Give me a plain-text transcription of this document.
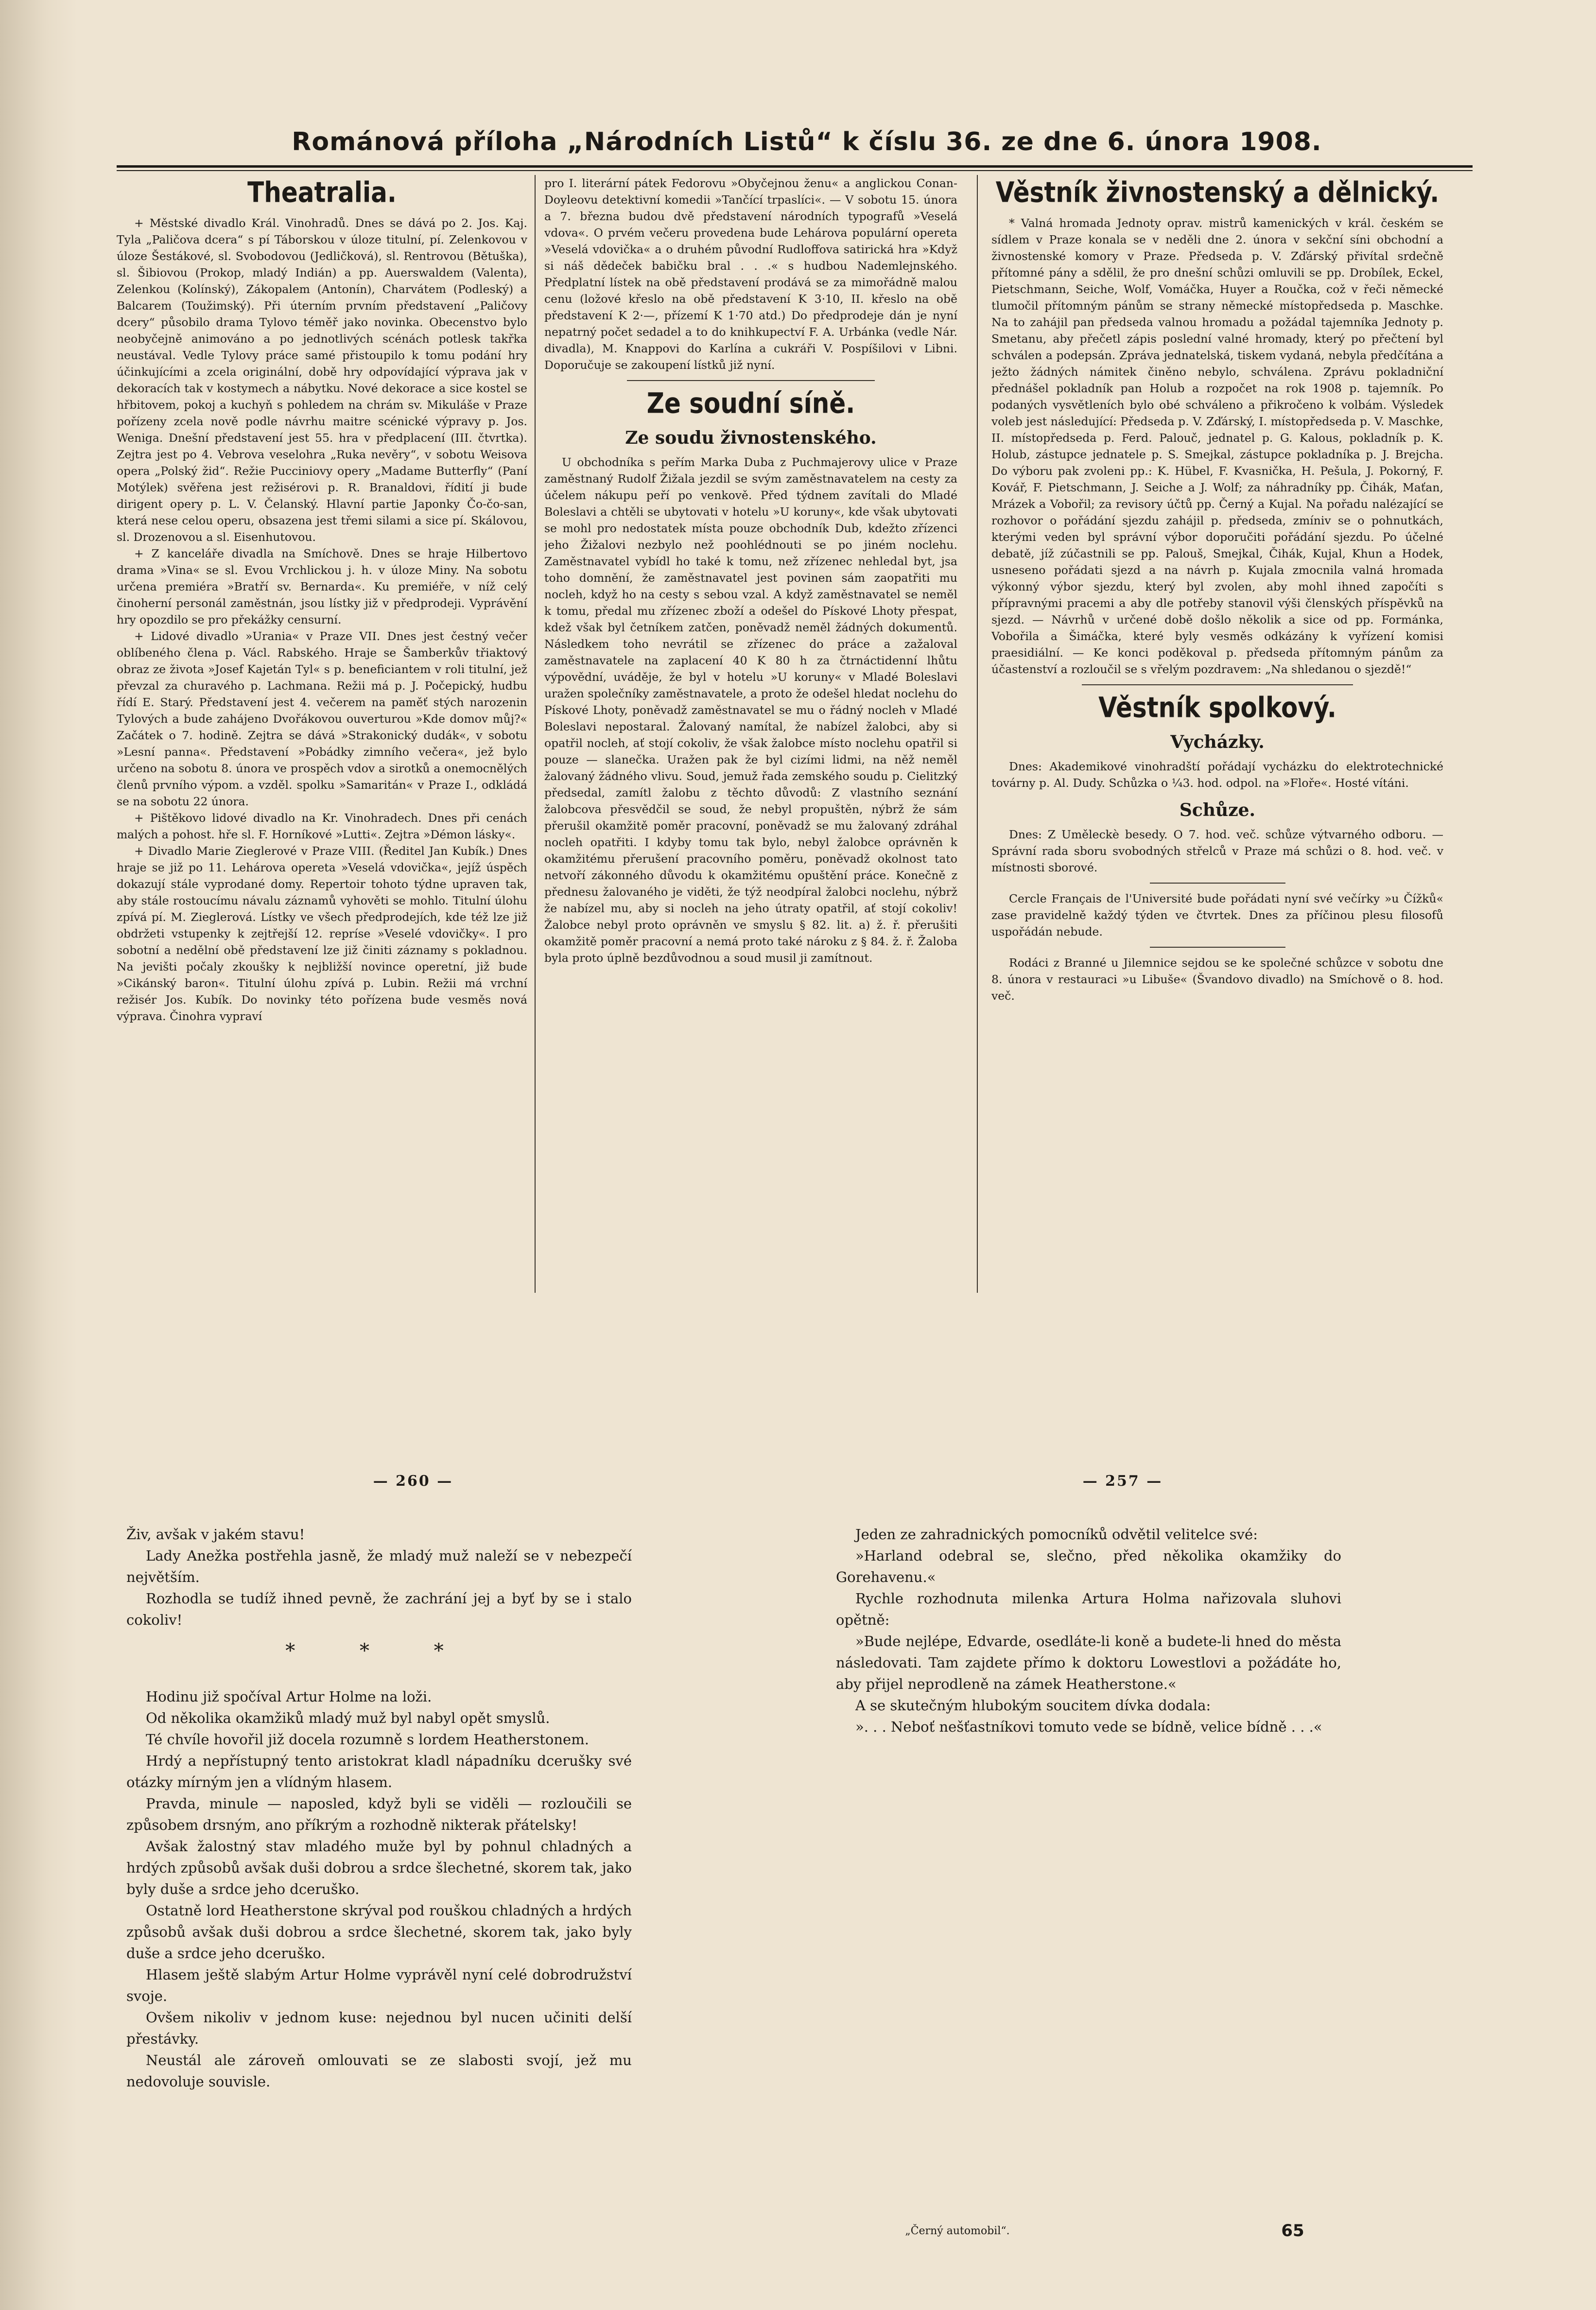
Románová příloha „Národních Listů“ k číslu 36. ze dne 6. února 1908.
Theatralia.

+ Městské divadlo Král. Vinohradů. Dnes se dává po 2. Jos. Kaj. Tyla „Paličova dcera“ s pí Táborskou v úloze titulní, pí. Zelenkovou v úloze Šestákové, sl. Svobodovou (Jedličková), sl. Rentrovou (Bětuška), sl. Šibiovou (Prokop, mladý Indián) a pp. Auerswaldem (Valenta), Zelenkou (Kolínský), Zákopalem (Antonín), Charvátem (Podleský) a Balcarem (Toužimský). Při úterním prvním představení „Paličovy dcery“ působilo drama Tylovo téměř jako novinka. Obecenstvo bylo neobyčejně animováno a po jednotlivých scénách potlesk takřka neustával. Vedle Tylovy práce samé přistoupilo k tomu podání hry účinkujícími a zcela originální, době hry odpovídající výprava jak v dekoracích tak v kostymech a nábytku. Nové dekorace a sice kostel se hřbitovem, pokoj a kuchyň s pohledem na chrám sv. Mikuláše v Praze pořízeny zcela nově podle návrhu maitre scénické výpravy p. Jos. Wenigа. Dnešní představení jest 55. hra v předplacení (III. čtvrtka). Zejtra jest po 4. Vebrova veselohra „Ruka nevěry“, v sobotu Weisova opera „Polský žid“. Režie Pucciniovy opery „Madame Butterfly“ (Paní Motýlek) svěřena jest režisérovi p. R. Branaldovi, řídití ji bude dirigent opery p. L. V. Čelanský. Hlavní partie Japonky Čo-čo-san, která nese celou operu, obsazena jest třemi silami a sice pí. Skálovou, sl. Drozenovou a sl. Eisenhutovou.

+ Z kanceláře divadla na Smíchově. Dnes se hraje Hilbertovo drama »Vina« se sl. Evou Vrchlickou j. h. v úloze Miny. Na sobotu určena premiéra »Bratří sv. Bernarda«. Ku premiéře, v níž celý činoherní personál zaměstnán, jsou lístky již v předprodeji. Vyprávění hry opozdilo se pro překážky censurní.

+ Lidové divadlo »Urania« v Praze VII. Dnes jest čestný večer oblíbeného člena p. Václ. Rabského. Hraje se Šamberkův třiaktový obraz ze života »Josef Kajetán Tyl« s p. beneficiantem v roli titulní, jež převzal za churavého p. Lachmana. Režii má p. J. Počepický, hudbu řídí E. Starý. Představení jest 4. večerem na paměť stých narozenin Tylových a bude zahájeno Dvořákovou ouverturou »Kde domov můj?« Začátek o 7. hodině. Zejtra se dává »Strakonický dudák«, v sobotu »Lesní panna«. Představení »Pobádky zimního večera«, jež bylo určeno na sobotu 8. února ve prospěch vdov a sirotků a onemocnělých členů prvního výpom. a vzděl. spolku »Samaritán« v Praze I., odkládá se na sobotu 22 února.

+ Pištěkovo lidové divadlo na Kr. Vinohradech. Dnes při cenách malých a pohost. hře sl. F. Horníkové »Lutti«. Zejtra »Démon lásky«.

+ Divadlo Marie Zieglerové v Praze VIII. (Ředitel Jan Kubík.) Dnes hraje se již po 11. Lehárova opereta »Veselá vdovička«, jejíž úspěch dokazují stále vyprodané domy. Repertoir tohoto týdne upraven tak, aby stále rostoucímu návalu záznamů vyhověti se mohlo. Titulní úlohu zpívá pí. M. Zieglerová. Lístky ve všech předprodejích, kde též lze již obdržeti vstupenky k zejtřejší 12. repríse »Veselé vdovičky«. I pro sobotní a nedělní obě představení lze již činiti záznamy s pokladnou. Na jevišti počaly zkoušky k nejbližší novince operetní, již bude »Cikánský baron«. Titulní úlohu zpívá p. Lubin. Režii má vrchní režisér Jos. Kubík. Do novinky této pořízena bude vesměs nová výprava. Činohra vypraví

pro I. literární pátek Fedorovu »Obyčejnou ženu« a anglickou Conan-Doyleovu detektivní komedii »Tančící trpaslíci«. — V sobotu 15. února a 7. března budou dvě představení národních typografů »Veselá vdova«. O prvém večeru provedena bude Lehárova populární opereta »Veselá vdovička« a o druhém původní Rudloffova satirická hra »Když si náš dědeček babičku bral . . .« s hudbou Nademlejnského. Předplatní lístek na obě představení prodává se za mimořádně malou cenu (ložové křeslo na obě představení K 3·10, II. křeslo na obě představení K 2·—, přízemí K 1·70 atd.) Do předprodeje dán je nyní nepatrný počet sedadel a to do knihkupectví F. A. Urbánka (vedle Nár. divadla), M. Knappovi do Karlína a cukráři V. Pospíšilovi v Libni. Doporučuje se zakoupení lístků již nyní.

Ze soudní síně.
Ze soudu živnostenského.

U obchodníka s peřím Marka Duba z Puchmajerovy ulice v Praze zaměstnaný Rudolf Žižala jezdil se svým zaměstnavatelem na cesty za účelem nákupu peří po venkově. Před týdnem zavítali do Mladé Boleslavi a chtěli se ubytovati v hotelu »U koruny«, kde však ubytovati se mohl pro nedostatek místa pouze obchodník Dub, kdežto zřízenci jeho Žižalovi nezbylo než poohlédnouti se po jiném noclehu. Zaměstnavatel vybídl ho také k tomu, než zřízenec nehledal byt, jsa toho domnění, že zaměstnavatel jest povinen sám zaopatřiti mu nocleh, když ho na cesty s sebou vzal. A když zaměstnavatel se neměl k tomu, předal mu zřízenec zboží a odešel do Pískové Lhoty přespat, kdež však byl četníkem zatčen, poněvadž neměl žádných dokumentů. Následkem toho nevrátil se zřízenec do práce a zažaloval zaměstnavatele na zaplacení 40 K 80 h za čtrnáctidenní lhůtu výpovědní, uváděje, že byl v hotelu »U koruny« v Mladé Boleslavi uražen společníky zaměstnavatele, a proto že odešel hledat noclehu do Pískové Lhoty, poněvadž zaměstnavatel se mu o řádný nocleh v Mladé Boleslavi nepostaral. Žalovaný namítal, že nabízel žalobci, aby si opatřil nocleh, ať stojí cokoliv, že však žalobce místo noclehu opatřil si pouze — slanečka. Uražen pak že byl cizími lidmi, na něž neměl žalovaný žádného vlivu. Soud, jemuž řada zemského soudu p. Cielitzký předsedal, zamítl žalobu z těchto důvodů: Z vlastního seznání žalobcova přesvědčil se soud, že nebyl propuštěn, nýbrž že sám přerušil okamžitě poměr pracovní, poněvadž se mu žalovaný zdráhal nocleh opatřiti. I kdyby tomu tak bylo, nebyl žalobce oprávněn k okamžitému přerušení pracovního poměru, poněvadž okolnost tato netvoří zákonného důvodu k okamžitému opuštění práce. Konečně z přednesu žalovaného je viděti, že týž neodpíral žalobci noclehu, nýbrž že nabízel mu, aby si nocleh na jeho útraty opatřil, ať stojí cokoliv! Žalobce nebyl proto oprávněn ve smyslu § 82. lit. a) ž. ř. přerušiti okamžitě poměr pracovní a nemá proto také nároku z § 84. ž. ř. Žaloba byla proto úplně bezdůvodnou a soud musil ji zamítnout.

Věstník živnostenský a dělnický.

* Valná hromada Jednoty oprav. mistrů kamenických v král. českém se sídlem v Praze konala se v neděli dne 2. února v sekční síni obchodní a živnostenské komory v Praze. Předseda p. V. Zďárský přivítal srdečně přítomné pány a sdělil, že pro dnešní schůzi omluvili se pp. Drobílek, Eckel, Pietschmann, Seiche, Wolf, Vomáčka, Huyer a Roučka, což v řeči německé tlumočil přítomným pánům se strany německé místopředseda p. Maschke. Na to zahájil pan předseda valnou hromadu a požádal tajemníka Jednoty p. Smetanu, aby přečetl zápis poslední valné hromady, který po přečtení byl schválen a podepsán. Zpráva jednatelská, tiskem vydaná, nebyla předčítána a ježto žádných námitek činěno nebylo, schválena. Zprávu pokladniční přednášel pokladník pan Holub a rozpočet na rok 1908 p. tajemník. Po podaných vysvětleních bylo obé schváleno a přikročeno k volbám. Výsledek voleb jest následující: Předseda p. V. Zďárský, I. místopředseda p. V. Maschke, II. místopředseda p. Ferd. Palouč, jednatel p. G. Kalous, pokladník p. K. Holub, zástupce jednatele p. S. Smejkal, zástupce pokladníka p. J. Brejcha. Do výboru pak zvoleni pp.: K. Hübel, F. Kvasnička, H. Pešula, J. Pokorný, F. Kovář, F. Pietschmann, J. Seiche a J. Wolf; za náhradníky pp. Čihák, Maťan, Mrázek a Vobořil; za revisory účtů pp. Černý a Kujal. Na pořadu nalézající se rozhovor o pořádání sjezdu zahájil p. předseda, zmíniv se o pohnutkách, kterými veden byl správní výbor doporučiti pořádání sjezdu. Po účelné debatě, jíž zúčastnili se pp. Palouš, Smejkal, Čihák, Kujal, Khun a Hodek, usneseno pořádati sjezd a na návrh p. Kujala zmocnila valná hromada výkonný výbor sjezdu, který byl zvolen, aby mohl ihned započíti s přípravnými pracemi a aby dle potřeby stanovil výši členských příspěvků na sjezd. — Návrhů v určené době došlo několik a sice od pp. Formánka, Vobořila a Šimáčka, které byly vesměs odkázány k vyřízení komisi praesidiální. — Ke konci poděkoval p. předseda přítomným pánům za účastenství a rozloučil se s vřelým pozdravem: „Na shledanou o sjezdě!“

Věstník spolkový.
Vycházky.

Dnes: Akademikové vinohradští pořádají vycházku do elektrotechnické továrny p. Al. Dudy. Schůzka o ¼3. hod. odpol. na »Floře«. Hosté vítáni.

Schůze.

Dnes: Z Uměleckè besedy. O 7. hod. več. schůze výtvarného odboru. — Správní rada sboru svobodných střelců v Praze má schůzi o 8. hod. več. v místnosti sborové.

Cercle Français de l'Université bude pořádati nyní své večírky »u Čížků« zase pravidelně každý týden ve čtvrtek. Dnes za příčinou plesu filosofů uspořádán nebude.

Rodáci z Branné u Jilemnice sejdou se ke společné schůzce v sobotu dne 8. února v restauraci »u Libuše« (Švandovo divadlo) na Smíchově o 8. hod. več.

— 260 —	— 257 —

Živ, avšak v jakém stavu!

Lady Anežka postřehla jasně, že mladý muž naleží se v nebezpečí největším.

Rozhodla se tudíž ihned pevně, že zachrání jej a byť by se i stalo cokoliv!

* * *

Hodinu již spočíval Artur Holme na loži.

Od několika okamžiků mladý muž byl nabyl opět smyslů.

Té chvíle hovořil již docela rozumně s lordem Heatherstonem.

Hrdý a nepřístupný tento aristokrat kladl nápadníku dcerušky své otázky mírným jen a vlídným hlasem.

Pravda, minule — naposled, když byli se viděli — rozloučili se způsobem drsným, ano příkrým a rozhodně nikterak přátelsky!

Avšak žalostný stav mladého muže byl by pohnul chladných a hrdých způsobů avšak duši dobrou a srdce šlechetné, skorem tak, jako byly duše a srdce jeho dceruško.

Ostatně lord Heatherstone skrýval pod rouškou chladných a hrdých způsobů avšak duši dobrou a srdce šlechetné, skorem tak, jako byly duše a srdce jeho dceruško.

Hlasem ještě slabým Artur Holme vyprávěl nyní celé dobrodružství svoje.

Ovšem nikoliv v jednom kuse: nejednou byl nucen učiniti delší přestávky.

Neustál ale zároveň omlouvati se ze slabosti svojí, jež mu nedovoluje souvisle.

Jeden ze zahradnických pomocníků odvětil velitelce své:

»Harland odebral se, slečno, před několika okamžiky do Gorehavenu.«

Rychle rozhodnuta milenka Artura Holma nařizovala sluhovi opětně:

»Bude nejlépe, Edvarde, osedláte-li koně a budete-li hned do města následovati. Tam zajdete přímo k doktoru Lowestlovi a požádáte ho, aby přijel neprodleně na zámek Heatherstone.«

A se skutečným hlubokým soucitem dívka dodala:

». . . Neboť nešťastníkovi tomuto vede se bídně, velice bídně . . .«

„Černý automobil“.	65
